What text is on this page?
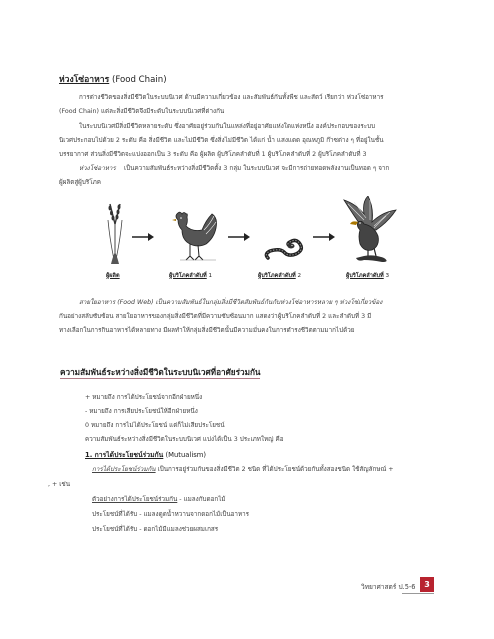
ห่วงโซ่อาหาร (Food Chain)
การต่างชีวิตของสิ่งมีชีวิตในระบบนิเวศ ด้านมีความเกี่ยวข้อง และสัมพันธ์กันทั้งพืช และสัตว์ เรียกว่า ห่วงโซ่อาหาร
(Food Chain) แต่ละสิ่งมีชีวิตจึงมีระดับในระบบนิเวศที่ต่างกัน
ในระบบนิเวศมีสิ่งมีชีวิตหลายระดับ ซึ่งอาศัยอยู่ร่วมกันในแหล่งที่อยู่อาศัยแห่งใดแห่งหนึ่ง องค์ประกอบของระบบ
นิเวศประกอบไปด้วย 2 ระดับ คือ สิ่งมีชีวิต และไม่มีชีวิต ซึ่งสิ่งไม่มีชีวิต ได้แก่ น้ำ แสงแดด อุณหภูมิ ก๊าซต่าง ๆ ที่อยู่ในชั้น
บรรยากาศ ส่วนสิ่งมีชีวิตจะแบ่งออกเป็น 3 ระดับ คือ ผู้ผลิต ผู้บริโภคลำดับที่ 1 ผู้บริโภคลำดับที่ 2 ผู้บริโภคลำดับที่ 3
ห่วงโซ่อาหาร เป็นความสัมพันธ์ระหว่างสิ่งมีชีวิตตั้ง 3 กลุ่ม ในระบบนิเวศ จะมีการถ่ายทอดพลังงานเป็นทอด ๆ จาก
ผู้ผลิตสู่ผู้บริโภค
ผู้ผลิต	ผู้บริโภคลำดับที่ 1	ผู้บริโภคลำดับที่ 2	ผู้บริโภคลำดับที่ 3
สายใยอาหาร (Food Web) เป็นความสัมพันธ์ในกลุ่มสิ่งมีชีวิตสัมพันธ์กันกับห่วงโซ่อาหารหลาย ๆ ห่วงโซ่เกี่ยวข้อง
กันอย่างสลับซับซ้อน สายใยอาหารของกลุ่มสิ่งมีชีวิตที่มีความซับซ้อนมาก แสดงว่าผู้บริโภคลำดับที่ 2 และลำดับที่ 3 มี
ทางเลือกในการกินอาหารได้หลายทาง มีผลทำให้กลุ่มสิ่งมีชีวิตนั้นมีความมั่นคงในการดำรงชีวิตตามมากไปด้วย
ความสัมพันธ์ระหว่างสิ่งมีชีวิตในระบบนิเวศที่อาศัยร่วมกัน
+ หมายถึง การได้ประโยชน์จากอีกฝ่ายหนึ่ง
- หมายถึง การเสียประโยชน์ให้อีกฝ่ายหนึ่ง
0 หมายถึง การไม่ได้ประโยชน์ แต่ก็ไม่เสียประโยชน์
ความสัมพันธ์ระหว่างสิ่งมีชีวิตในระบบนิเวศ แบ่งได้เป็น 3 ประเภทใหญ่ คือ
1. การได้ประโยชน์ร่วมกัน (Mutualism)
การได้ประโยชน์ร่วมกัน เป็นการอยู่ร่วมกันของสิ่งมีชีวิต 2 ชนิด ที่ได้ประโยชน์ด้วยกันทั้งสองชนิด ใช้สัญลักษณ์ +
, + เช่น
ตัวอย่างการได้ประโยชน์ร่วมกัน - แมลงกับดอกไม้
ประโยชน์ที่ได้รับ - แมลงดูดน้ำหวานจากดอกไม้เป็นอาหาร
ประโยชน์ที่ได้รับ - ดอกไม้มีแมลงช่วยผสมเกสร
วิทยาศาสตร์ ป.5-6	3
